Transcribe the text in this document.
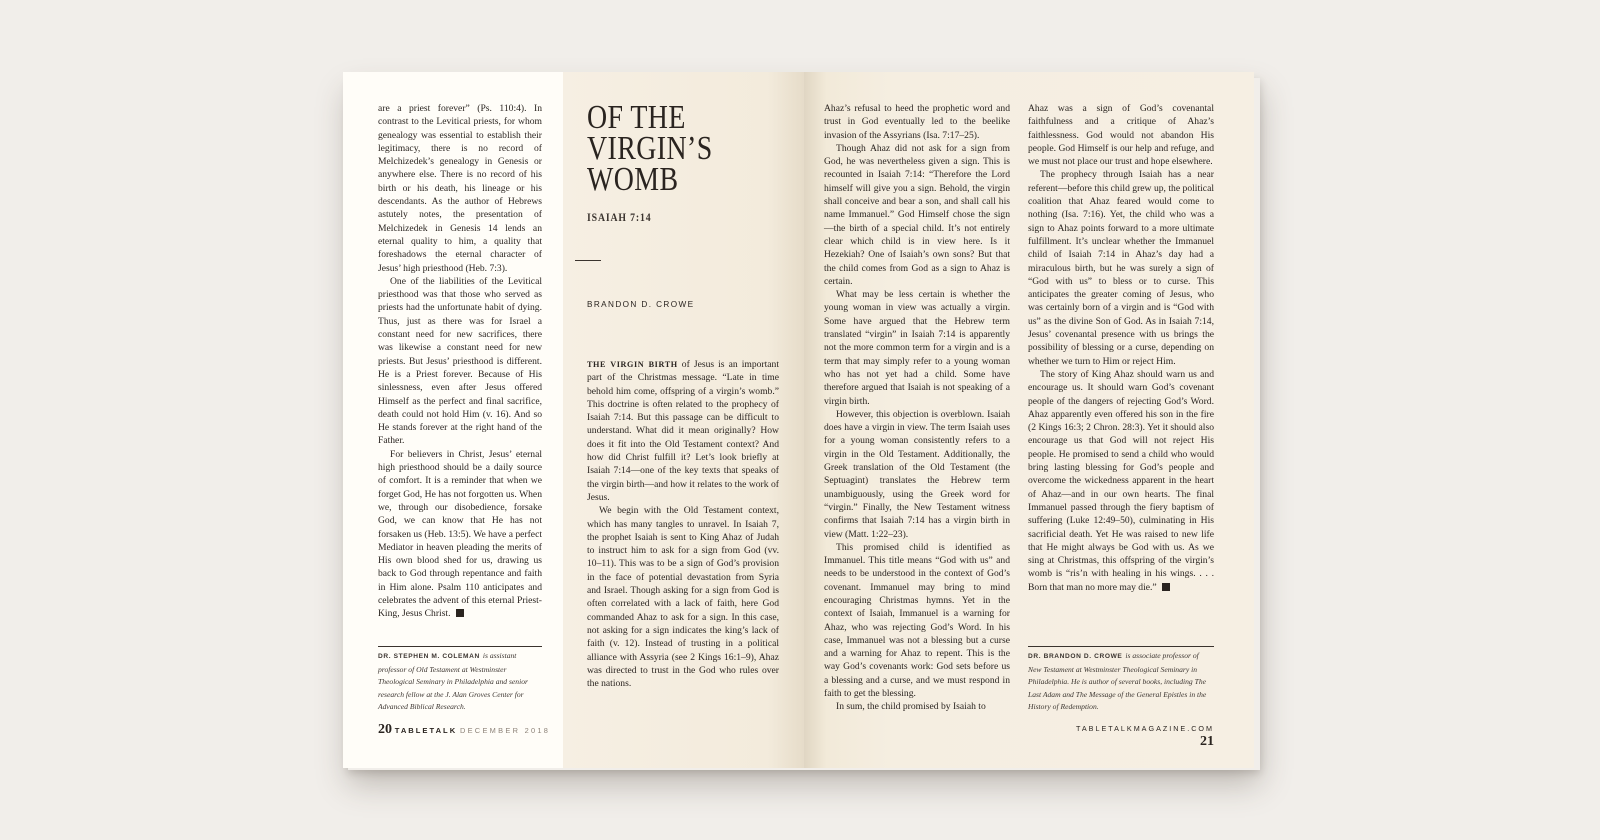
are a priest forever” (Ps. 110:4). In contrast to the Levitical priests, for whom genealogy was essential to establish their legitimacy, there is no record of Melchizedek’s genealogy in Genesis or anywhere else. There is no record of his birth or his death, his lineage or his descendants. As the author of Hebrews astutely notes, the presentation of Melchizedek in Genesis 14 lends an eternal quality to him, a quality that foreshadows the eternal character of Jesus’ high priesthood (Heb. 7:3).

One of the liabilities of the Levitical priesthood was that those who served as priests had the unfortunate habit of dying. Thus, just as there was for Israel a constant need for new sacrifices, there was likewise a constant need for new priests. But Jesus’ priesthood is different. He is a Priest forever. Because of His sinlessness, even after Jesus offered Himself as the perfect and final sacrifice, death could not hold Him (v. 16). And so He stands forever at the right hand of the Father.

For believers in Christ, Jesus’ eternal high priesthood should be a daily source of comfort. It is a reminder that when we forget God, He has not forgotten us. When we, through our disobedience, forsake God, we can know that He has not forsaken us (Heb. 13:5). We have a perfect Mediator in heaven pleading the merits of His own blood shed for us, drawing us back to God through repentance and faith in Him alone. Psalm 110 anticipates and celebrates the advent of this eternal Priest-King, Jesus Christ.

DR. STEPHEN M. COLEMAN is assistant professor of Old Testament at Westminster Theological Seminary in Philadelphia and senior research fellow at the J. Alan Groves Center for Advanced Biblical Research.
20 TABLETALK DECEMBER 2018
OF THE
VIRGIN’S
WOMB
ISAIAH 7:14
BRANDON D. CROWE

THE VIRGIN BIRTH of Jesus is an important part of the Christmas message. “Late in time behold him come, offspring of a virgin’s womb.” This doctrine is often related to the prophecy of Isaiah 7:14. But this passage can be difficult to understand. What did it mean originally? How does it fit into the Old Testament context? And how did Christ fulfill it? Let’s look briefly at Isaiah 7:14—one of the key texts that speaks of the virgin birth—and how it relates to the work of Jesus.

We begin with the Old Testament context, which has many tangles to unravel. In Isaiah 7, the prophet Isaiah is sent to King Ahaz of Judah to instruct him to ask for a sign from God (vv. 10–11). This was to be a sign of God’s provision in the face of potential devastation from Syria and Israel. Though asking for a sign from God is often correlated with a lack of faith, here God commanded Ahaz to ask for a sign. In this case, not asking for a sign indicates the king’s lack of faith (v. 12). Instead of trusting in a political alliance with Assyria (see 2 Kings 16:1–9), Ahaz was directed to trust in the God who rules over the nations.

Ahaz’s refusal to heed the prophetic word and trust in God eventually led to the beelike invasion of the Assyrians (Isa. 7:17–25).

Though Ahaz did not ask for a sign from God, he was nevertheless given a sign. This is recounted in Isaiah 7:14: “Therefore the Lord himself will give you a sign. Behold, the virgin shall conceive and bear a son, and shall call his name Immanuel.” God Himself chose the sign—the birth of a special child. It’s not entirely clear which child is in view here. Is it Hezekiah? One of Isaiah’s own sons? But that the child comes from God as a sign to Ahaz is certain.

What may be less certain is whether the young woman in view was actually a virgin. Some have argued that the Hebrew term translated “virgin” in Isaiah 7:14 is apparently not the more common term for a virgin and is a term that may simply refer to a young woman who has not yet had a child. Some have therefore argued that Isaiah is not speaking of a virgin birth.

However, this objection is overblown. Isaiah does have a virgin in view. The term Isaiah uses for a young woman consistently refers to a virgin in the Old Testament. Additionally, the Greek translation of the Old Testament (the Septuagint) translates the Hebrew term unambiguously, using the Greek word for “virgin.” Finally, the New Testament witness confirms that Isaiah 7:14 has a virgin birth in view (Matt. 1:22–23).

This promised child is identified as Immanuel. This title means “God with us” and needs to be understood in the context of God’s covenant. Immanuel may bring to mind encouraging Christmas hymns. Yet in the context of Isaiah, Immanuel is a warning for Ahaz, who was rejecting God’s Word. In his case, Immanuel was not a blessing but a curse and a warning for Ahaz to repent. This is the way God’s covenants work: God sets before us a blessing and a curse, and we must respond in faith to get the blessing.

In sum, the child promised by Isaiah to

Ahaz was a sign of God’s covenantal faithfulness and a critique of Ahaz’s faithlessness. God would not abandon His people. God Himself is our help and refuge, and we must not place our trust and hope elsewhere.

The prophecy through Isaiah has a near referent—before this child grew up, the political coalition that Ahaz feared would come to nothing (Isa. 7:16). Yet, the child who was a sign to Ahaz points forward to a more ultimate fulfillment. It’s unclear whether the Immanuel child of Isaiah 7:14 in Ahaz’s day had a miraculous birth, but he was surely a sign of “God with us” to bless or to curse. This anticipates the greater coming of Jesus, who was certainly born of a virgin and is “God with us” as the divine Son of God. As in Isaiah 7:14, Jesus’ covenantal presence with us brings the possibility of blessing or a curse, depending on whether we turn to Him or reject Him.

The story of King Ahaz should warn us and encourage us. It should warn God’s covenant people of the dangers of rejecting God’s Word. Ahaz apparently even offered his son in the fire (2 Kings 16:3; 2 Chron. 28:3). Yet it should also encourage us that God will not reject His people. He promised to send a child who would bring lasting blessing for God’s people and overcome the wickedness apparent in the heart of Ahaz—and in our own hearts. The final Immanuel passed through the fiery baptism of suffering (Luke 12:49–50), culminating in His sacrificial death. Yet He was raised to new life that He might always be God with us. As we sing at Christmas, this offspring of the virgin’s womb is “ris’n with healing in his wings. . . . Born that man no more may die.”

DR. BRANDON D. CROWE is associate professor of New Testament at Westminster Theological Seminary in Philadelphia. He is author of several books, including The Last Adam and The Message of the General Epistles in the History of Redemption.
TABLETALKMAGAZINE.COM 21
